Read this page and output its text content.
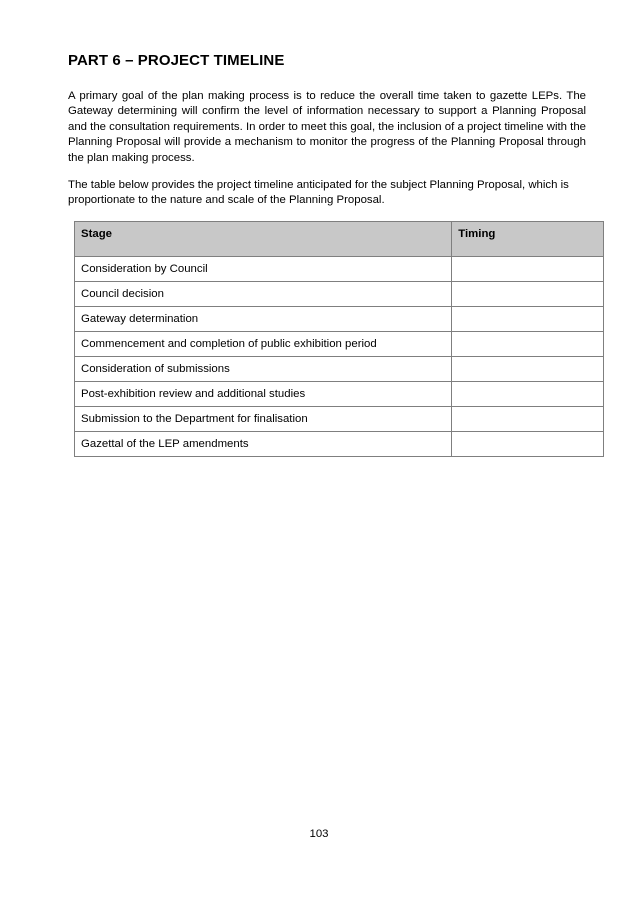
PART 6 – PROJECT TIMELINE

A primary goal of the plan making process is to reduce the overall time taken to gazette LEPs. The Gateway determining will confirm the level of information necessary to support a Planning Proposal and the consultation requirements. In order to meet this goal, the inclusion of a project timeline with the Planning Proposal will provide a mechanism to monitor the progress of the Planning Proposal through the plan making process.

The table below provides the project timeline anticipated for the subject Planning Proposal, which is proportionate to the nature and scale of the Planning Proposal.

Stage	Timing
Consideration by Council	
Council decision	
Gateway determination	
Commencement and completion of public exhibition period	
Consideration of submissions	
Post-exhibition review and additional studies	
Submission to the Department for finalisation	
Gazettal of the LEP amendments	
103
